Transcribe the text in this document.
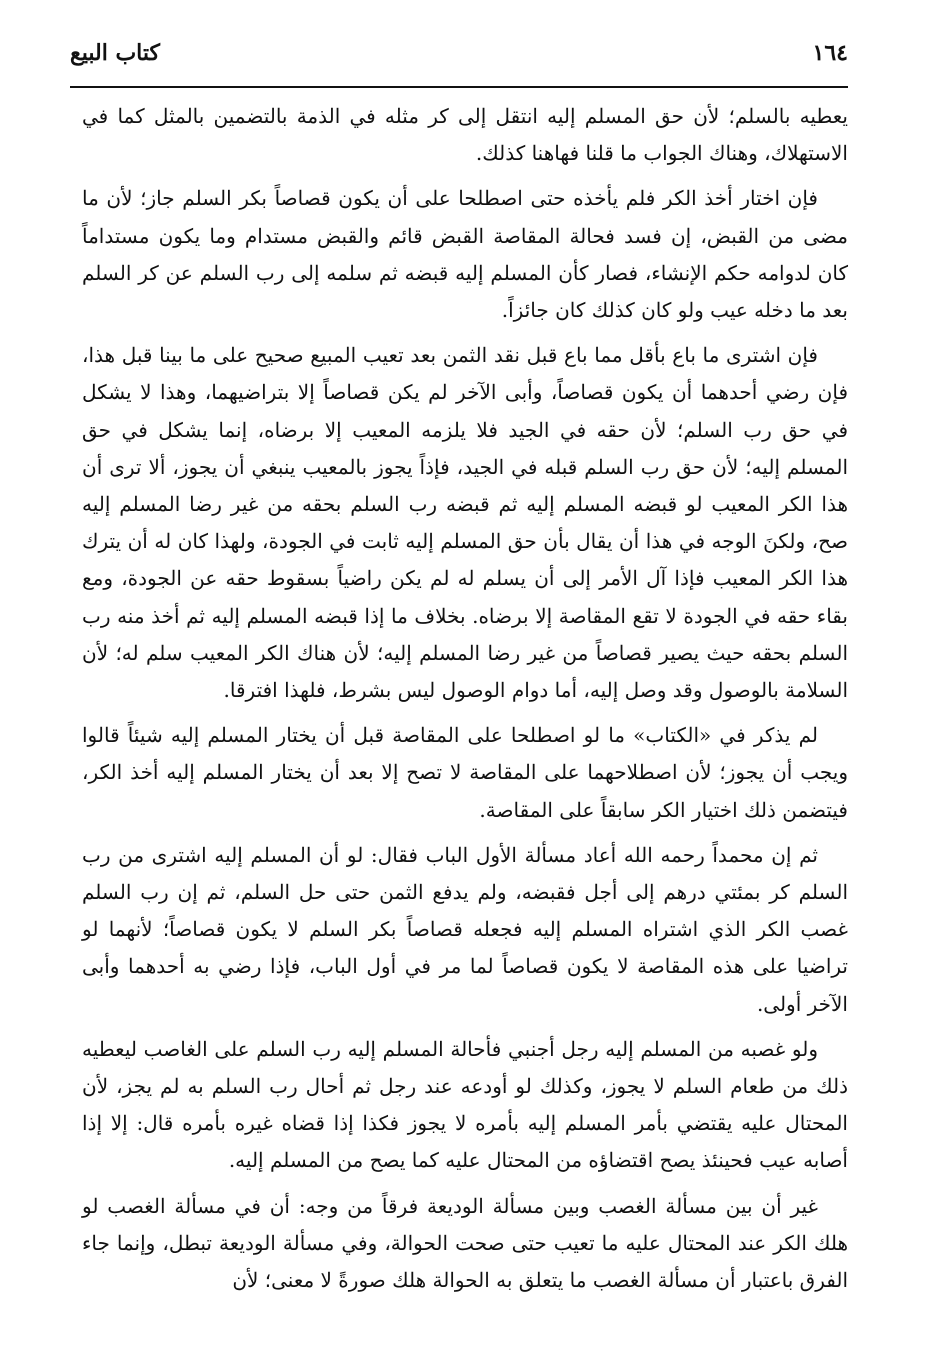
١٦٤
كتاب البيع

يعطيه بالسلم؛ لأن حق المسلم إليه انتقل إلى كر مثله في الذمة بالتضمين بالمثل كما في الاستهلاك، وهناك الجواب ما قلنا فهاهنا كذلك.

فإن اختار أخذ الكر فلم يأخذه حتى اصطلحا على أن يكون قصاصاً بكر السلم جاز؛ لأن ما مضى من القبض، إن فسد فحالة المقاصة القبض قائم والقبض مستدام وما يكون مستداماً كان لدوامه حكم الإنشاء، فصار كأن المسلم إليه قبضه ثم سلمه إلى رب السلم عن كر السلم بعد ما دخله عيب ولو كان كذلك كان جائزاً.

فإن اشترى ما باع بأقل مما باع قبل نقد الثمن بعد تعيب المبيع صحيح على ما بينا قبل هذا، فإن رضي أحدهما أن يكون قصاصاً، وأبى الآخر لم يكن قصاصاً إلا بتراضيهما، وهذا لا يشكل في حق رب السلم؛ لأن حقه في الجيد فلا يلزمه المعيب إلا برضاه، إنما يشكل في حق المسلم إليه؛ لأن حق رب السلم قبله في الجيد، فإذاً يجوز بالمعيب ينبغي أن يجوز، ألا ترى أن هذا الكر المعيب لو قبضه المسلم إليه ثم قبضه رب السلم بحقه من غير رضا المسلم إليه صح، ولكنَ الوجه في هذا أن يقال بأن حق المسلم إليه ثابت في الجودة، ولهذا كان له أن يترك هذا الكر المعيب فإذا آل الأمر إلى أن يسلم له لم يكن راضياً بسقوط حقه عن الجودة، ومع بقاء حقه في الجودة لا تقع المقاصة إلا برضاه. بخلاف ما إذا قبضه المسلم إليه ثم أخذ منه رب السلم بحقه حيث يصير قصاصاً من غير رضا المسلم إليه؛ لأن هناك الكر المعيب سلم له؛ لأن السلامة بالوصول وقد وصل إليه، أما دوام الوصول ليس بشرط، فلهذا افترقا.

لم يذكر في «الكتاب» ما لو اصطلحا على المقاصة قبل أن يختار المسلم إليه شيئاً قالوا ويجب أن يجوز؛ لأن اصطلاحهما على المقاصة لا تصح إلا بعد أن يختار المسلم إليه أخذ الكر، فيتضمن ذلك اختيار الكر سابقاً على المقاصة.

ثم إن محمداً رحمه الله أعاد مسألة الأول الباب فقال: لو أن المسلم إليه اشترى من رب السلم كر بمئتي درهم إلى أجل فقبضه، ولم يدفع الثمن حتى حل السلم، ثم إن رب السلم غصب الكر الذي اشتراه المسلم إليه فجعله قصاصاً بكر السلم لا يكون قصاصاً؛ لأنهما لو تراضيا على هذه المقاصة لا يكون قصاصاً لما مر في أول الباب، فإذا رضي به أحدهما وأبى الآخر أولى.

ولو غصبه من المسلم إليه رجل أجنبي فأحالة المسلم إليه رب السلم على الغاصب ليعطيه ذلك من طعام السلم لا يجوز، وكذلك لو أودعه عند رجل ثم أحال رب السلم به لم يجز، لأن المحتال عليه يقتضي بأمر المسلم إليه بأمره لا يجوز فكذا إذا قضاه غيره بأمره قال: إلا إذا أصابه عيب فحينئذ يصح اقتضاؤه من المحتال عليه كما يصح من المسلم إليه.

غير أن بين مسألة الغصب وبين مسألة الوديعة فرقاً من وجه: أن في مسألة الغصب لو هلك الكر عند المحتال عليه ما تعيب حتى صحت الحوالة، وفي مسألة الوديعة تبطل، وإنما جاء الفرق باعتبار أن مسألة الغصب ما يتعلق به الحوالة هلك صورةً لا معنى؛ لأن
